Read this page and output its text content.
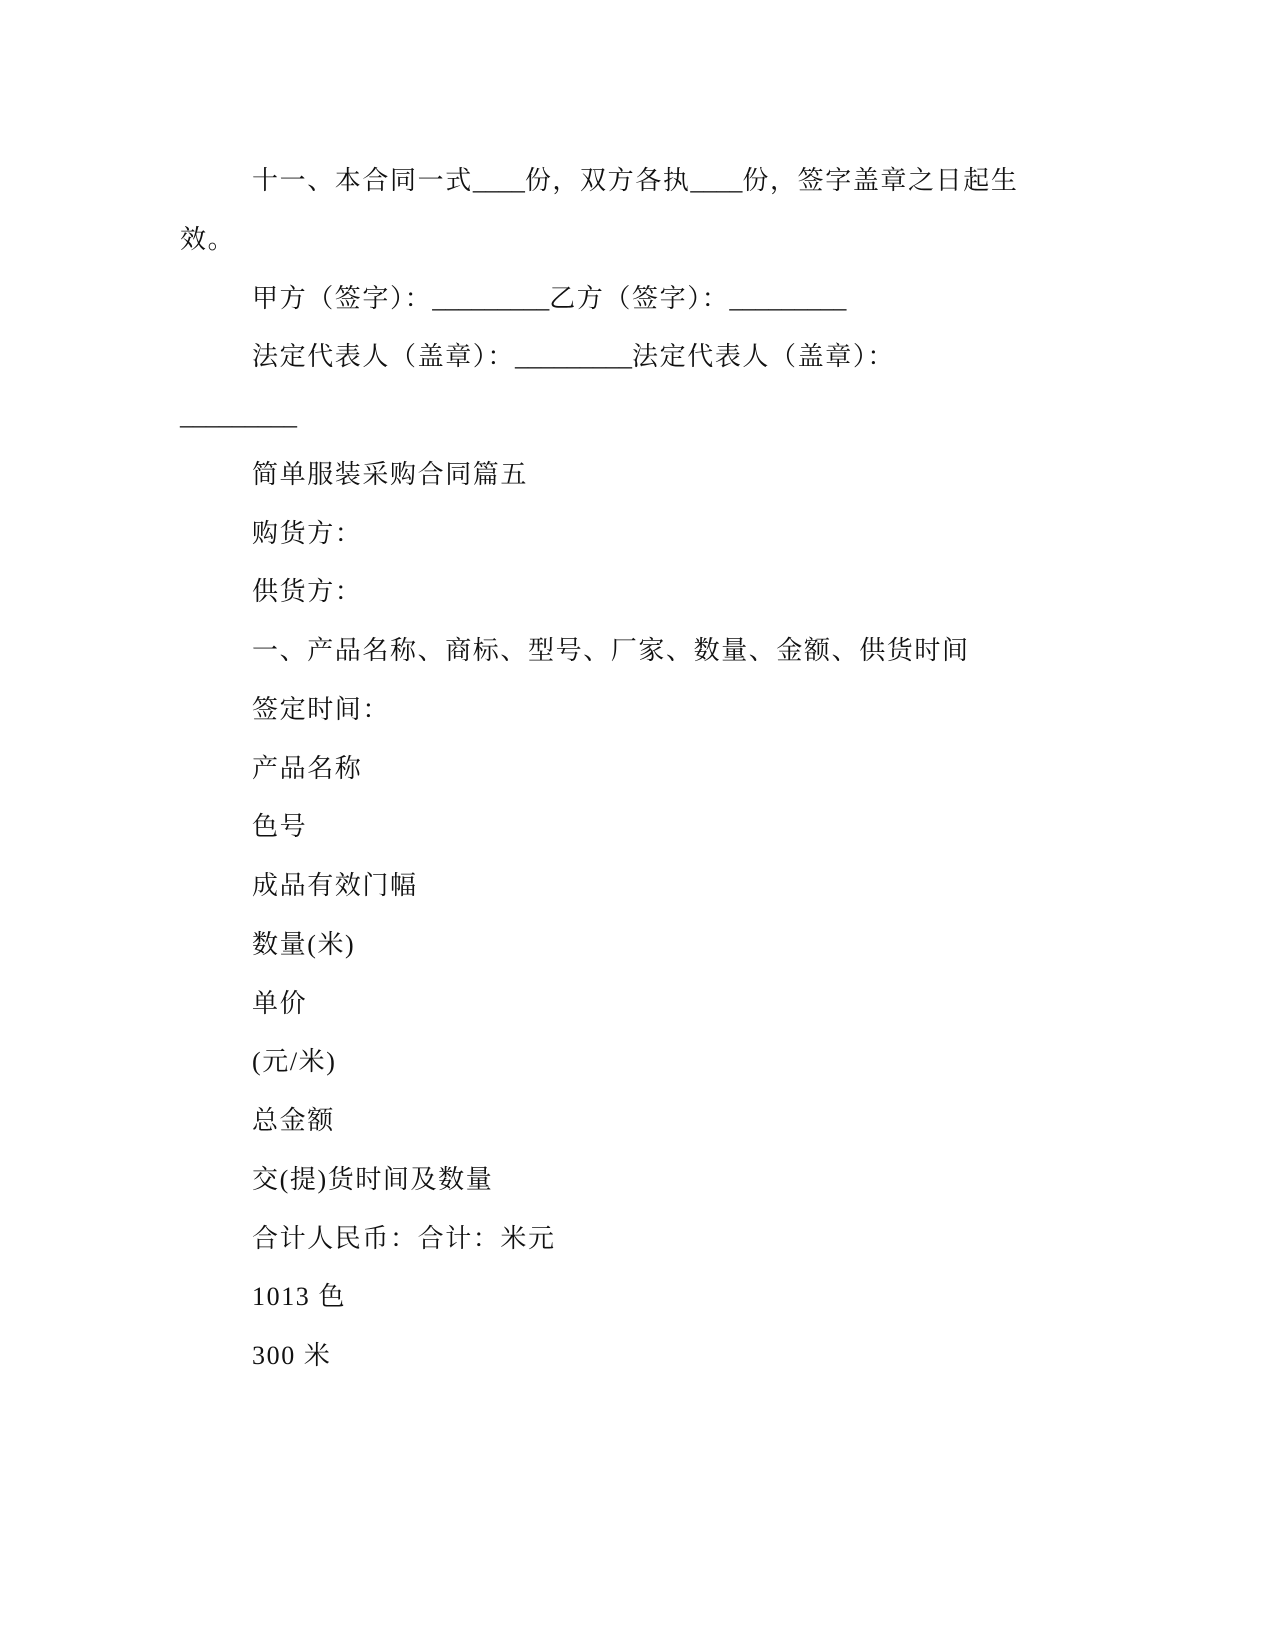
十一、本合同一式____份，双方各执____份，签字盖章之日起生
效。
甲方（签字）：_________乙方（签字）：_________
法定代表人（盖章）：_________法定代表人（盖章）：
_________
简单服装采购合同篇五
购货方：
供货方：
一、产品名称、商标、型号、厂家、数量、金额、供货时间
签定时间：
产品名称
色号
成品有效门幅
数量(米)
单价
(元/米)
总金额
交(提)货时间及数量
合计人民币：合计：米元
1013 色
300 米
